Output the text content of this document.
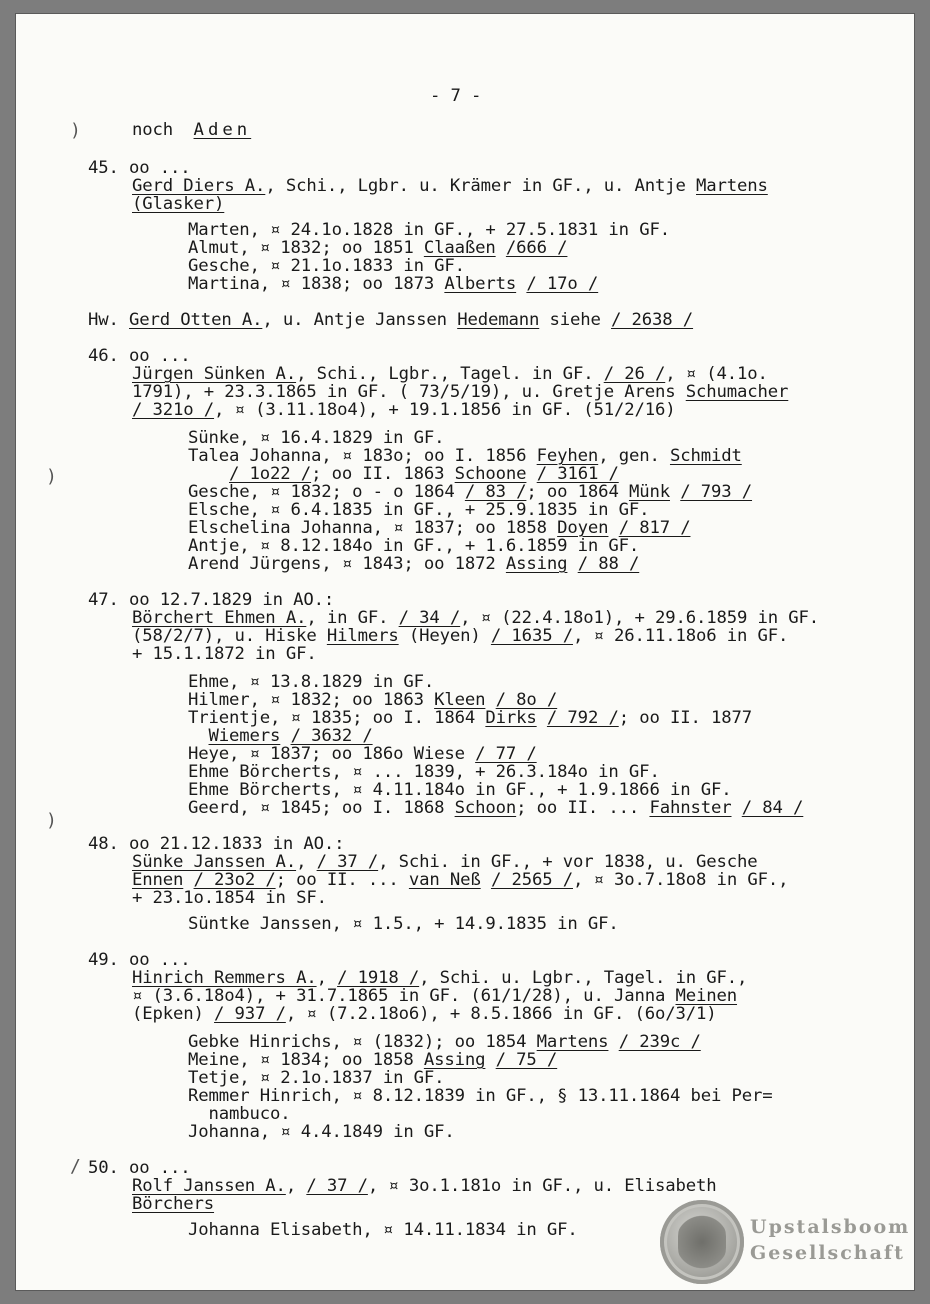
- 7 -
)	noch Aden
45. oo ...
Gerd Diers A., Schi., Lgbr. u. Krämer in GF., u. Antje Martens
(Glasker)
Marten, ¤ 24.1o.1828 in GF., + 27.5.1831 in GF.
Almut, ¤ 1832; oo 1851 Claaßen /666 /
Gesche, ¤ 21.1o.1833 in GF.
Martina, ¤ 1838; oo 1873 Alberts / 17o /
Hw. Gerd Otten A., u. Antje Janssen Hedemann siehe / 2638 /
46. oo ...
Jürgen Sünken A., Schi., Lgbr., Tagel. in GF. / 26 /, ¤ (4.1o.
1791), + 23.3.1865 in GF. ( 73/5/19), u. Gretje Arens Schumacher
/ 321o /, ¤ (3.11.18o4), + 19.1.1856 in GF. (51/2/16)
Sünke, ¤ 16.4.1829 in GF.
Talea Johanna, ¤ 183o; oo I. 1856 Feyhen, gen. Schmidt
)	/ 1o22 /; oo II. 1863 Schoone / 3161 /
Gesche, ¤ 1832; o - o 1864 / 83 /; oo 1864 Münk / 793 /
Elsche, ¤ 6.4.1835 in GF., + 25.9.1835 in GF.
Elschelina Johanna, ¤ 1837; oo 1858 Doyen / 817 /
Antje, ¤ 8.12.184o in GF., + 1.6.1859 in GF.
Arend Jürgens, ¤ 1843; oo 1872 Assing / 88 /
47. oo 12.7.1829 in AO.:
Börchert Ehmen A., in GF. / 34 /, ¤ (22.4.18o1), + 29.6.1859 in GF.
(58/2/7), u. Hiske Hilmers (Heyen) / 1635 /, ¤ 26.11.18o6 in GF.
+ 15.1.1872 in GF.
Ehme, ¤ 13.8.1829 in GF.
Hilmer, ¤ 1832; oo 1863 Kleen / 8o /
Trientje, ¤ 1835; oo I. 1864 Dirks / 792 /; oo II. 1877
Wiemers / 3632 /
Heye, ¤ 1837; oo 186o Wiese / 77 /
Ehme Börcherts, ¤ ... 1839, + 26.3.184o in GF.
Ehme Börcherts, ¤ 4.11.184o in GF., + 1.9.1866 in GF.
)
Geerd, ¤ 1845; oo I. 1868 Schoon; oo II. ... Fahnster / 84 /
48. oo 21.12.1833 in AO.:
Sünke Janssen A., / 37 /, Schi. in GF., + vor 1838, u. Gesche
Ennen / 23o2 /; oo II. ... van Neß / 2565 /, ¤ 3o.7.18o8 in GF.,
+ 23.1o.1854 in SF.
Süntke Janssen, ¤ 1.5., + 14.9.1835 in GF.
49. oo ...
Hinrich Remmers A., / 1918 /, Schi. u. Lgbr., Tagel. in GF.,
¤ (3.6.18o4), + 31.7.1865 in GF. (61/1/28), u. Janna Meinen
(Epken) / 937 /, ¤ (7.2.18o6), + 8.5.1866 in GF. (6o/3/1)
Gebke Hinrichs, ¤ (1832); oo 1854 Martens / 239c /
Meine, ¤ 1834; oo 1858 Assing / 75 /
Tetje, ¤ 2.1o.1837 in GF.
Remmer Hinrich, ¤ 8.12.1839 in GF., § 13.11.1864 bei Per=
nambuco.
Johanna, ¤ 4.4.1849 in GF.
/ 50. oo ...
Rolf Janssen A., / 37 /, ¤ 3o.1.181o in GF., u. Elisabeth
Börchers
Johanna Elisabeth, ¤ 14.11.1834 in GF.	Upstalsboom
Gesellschaft
